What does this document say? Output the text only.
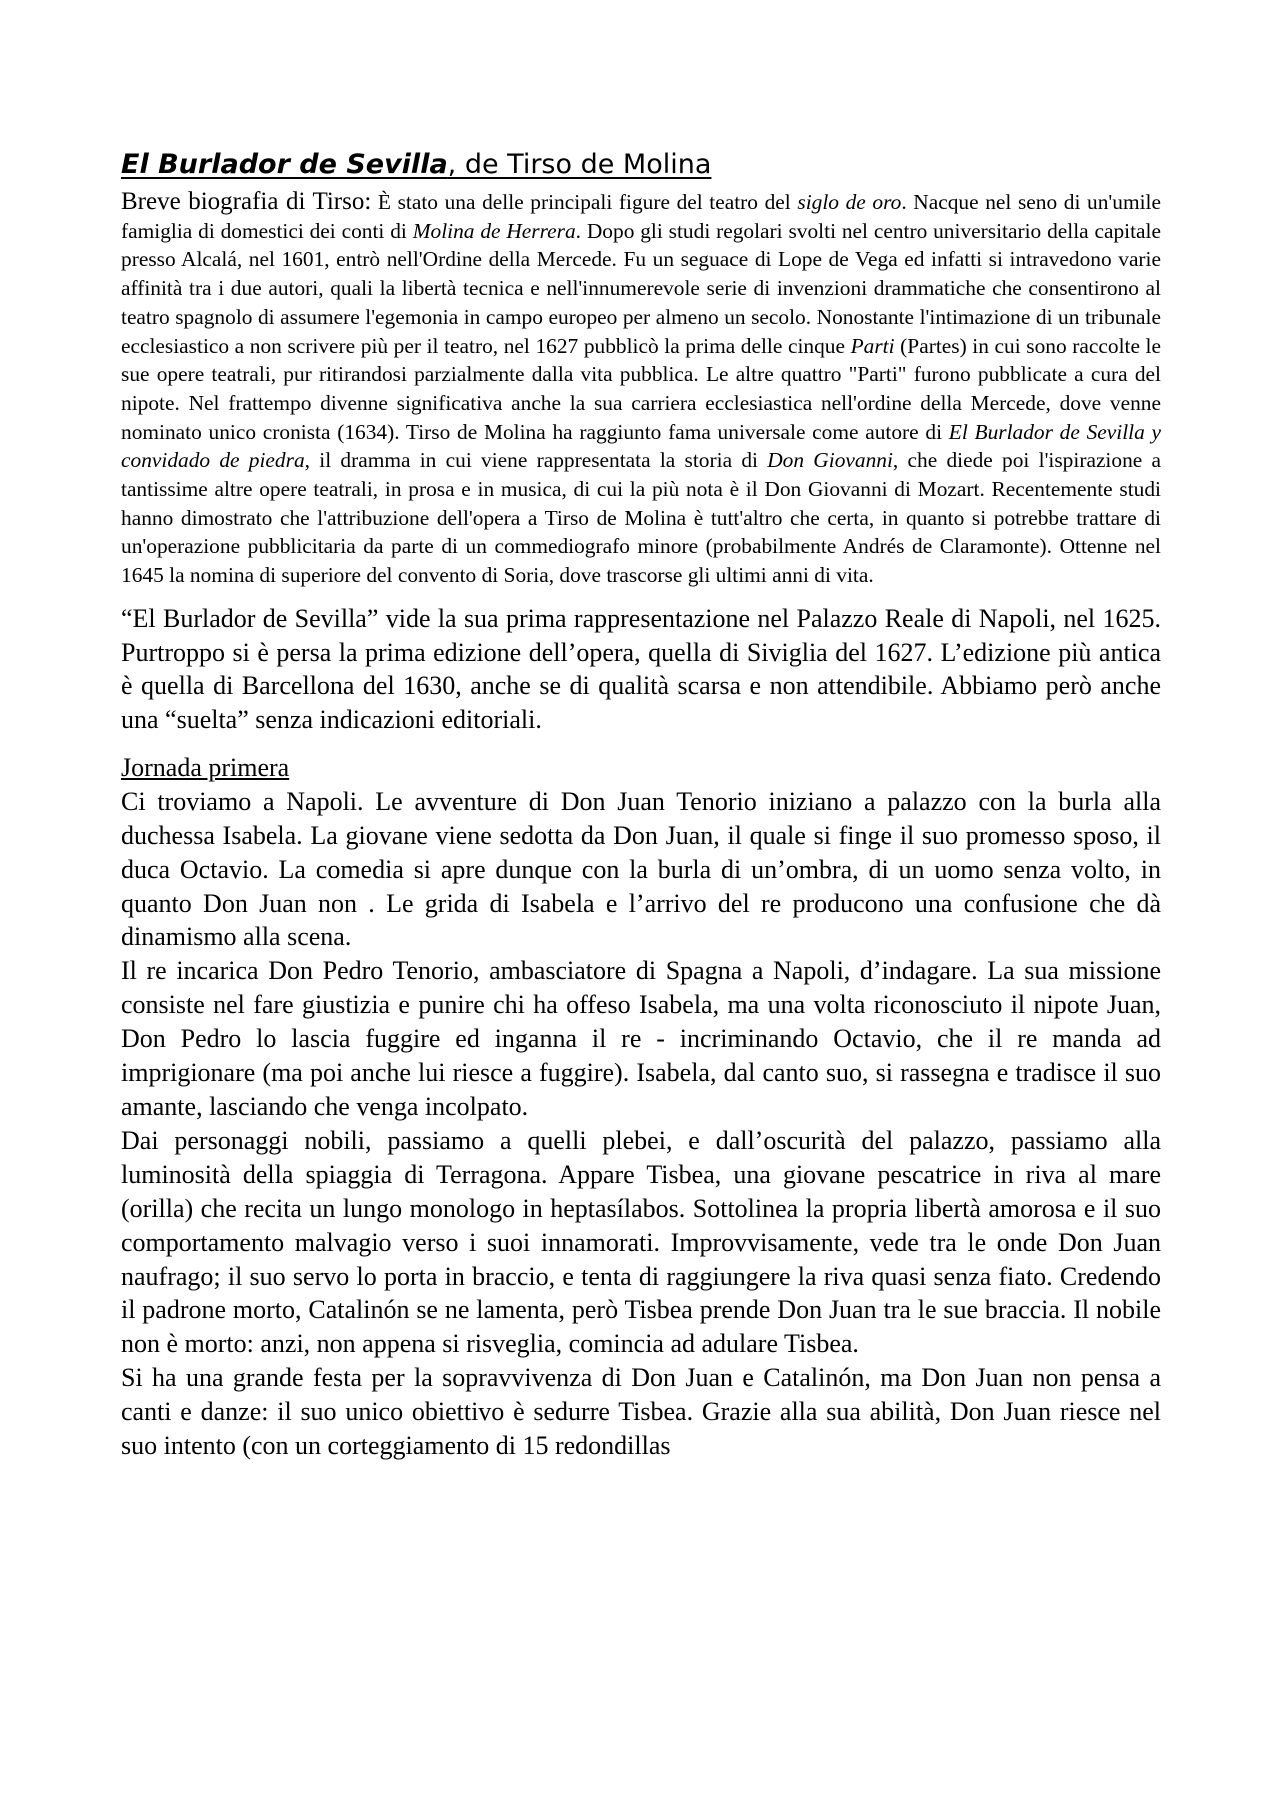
El Burlador de Sevilla, de Tirso de Molina

Breve biografia di Tirso: È stato una delle principali figure del teatro del siglo de oro. Nacque nel seno di un'umile famiglia di domestici dei conti di Molina de Herrera. Dopo gli studi regolari svolti nel centro universitario della capitale presso Alcalá, nel 1601, entrò nell'Ordine della Mercede. Fu un seguace di Lope de Vega ed infatti si intravedono varie affinità tra i due autori, quali la libertà tecnica e nell'innumerevole serie di invenzioni drammatiche che consentirono al teatro spagnolo di assumere l'egemonia in campo europeo per almeno un secolo. Nonostante l'intimazione di un tribunale ecclesiastico a non scrivere più per il teatro, nel 1627 pubblicò la prima delle cinque Parti (Partes) in cui sono raccolte le sue opere teatrali, pur ritirandosi parzialmente dalla vita pubblica. Le altre quattro "Parti" furono pubblicate a cura del nipote. Nel frattempo divenne significativa anche la sua carriera ecclesiastica nell'ordine della Mercede, dove venne nominato unico cronista (1634). Tirso de Molina ha raggiunto fama universale come autore di El Burlador de Sevilla y convidado de piedra, il dramma in cui viene rappresentata la storia di Don Giovanni, che diede poi l'ispirazione a tantissime altre opere teatrali, in prosa e in musica, di cui la più nota è il Don Giovanni di Mozart. Recentemente studi hanno dimostrato che l'attribuzione dell'opera a Tirso de Molina è tutt'altro che certa, in quanto si potrebbe trattare di un'operazione pubblicitaria da parte di un commediografo minore (probabilmente Andrés de Claramonte). Ottenne nel 1645 la nomina di superiore del convento di Soria, dove trascorse gli ultimi anni di vita.

“El Burlador de Sevilla” vide la sua prima rappresentazione nel Palazzo Reale di Napoli, nel 1625. Purtroppo si è persa la prima edizione dell’opera, quella di Siviglia del 1627. L’edizione più antica è quella di Barcellona del 1630, anche se di qualità scarsa e non attendibile. Abbiamo però anche una “suelta” senza indicazioni editoriali.

Jornada primera

Ci troviamo a Napoli. Le avventure di Don Juan Tenorio iniziano a palazzo con la burla alla duchessa Isabela. La giovane viene sedotta da Don Juan, il quale si finge il suo promesso sposo, il duca Octavio. La comedia si apre dunque con la burla di un’ombra, di un uomo senza volto, in quanto Don Juan non . Le grida di Isabela e l’arrivo del re producono una confusione che dà dinamismo alla scena.

Il re incarica Don Pedro Tenorio, ambasciatore di Spagna a Napoli, d’indagare. La sua missione consiste nel fare giustizia e punire chi ha offeso Isabela, ma una volta riconosciuto il nipote Juan, Don Pedro lo lascia fuggire ed inganna il re - incriminando Octavio, che il re manda ad imprigionare (ma poi anche lui riesce a fuggire). Isabela, dal canto suo, si rassegna e tradisce il suo amante, lasciando che venga incolpato.

Dai personaggi nobili, passiamo a quelli plebei, e dall’oscurità del palazzo, passiamo alla luminosità della spiaggia di Terragona. Appare Tisbea, una giovane pescatrice in riva al mare (orilla) che recita un lungo monologo in heptasílabos. Sottolinea la propria libertà amorosa e il suo comportamento malvagio verso i suoi innamorati. Improvvisamente, vede tra le onde Don Juan naufrago; il suo servo lo porta in braccio, e tenta di raggiungere la riva quasi senza fiato. Credendo il padrone morto, Catalinón se ne lamenta, però Tisbea prende Don Juan tra le sue braccia. Il nobile non è morto: anzi, non appena si risveglia, comincia ad adulare Tisbea.

Si ha una grande festa per la sopravvivenza di Don Juan e Catalinón, ma Don Juan non pensa a canti e danze: il suo unico obiettivo è sedurre Tisbea. Grazie alla sua abilità, Don Juan riesce nel suo intento (con un corteggiamento di 15 redondillas
